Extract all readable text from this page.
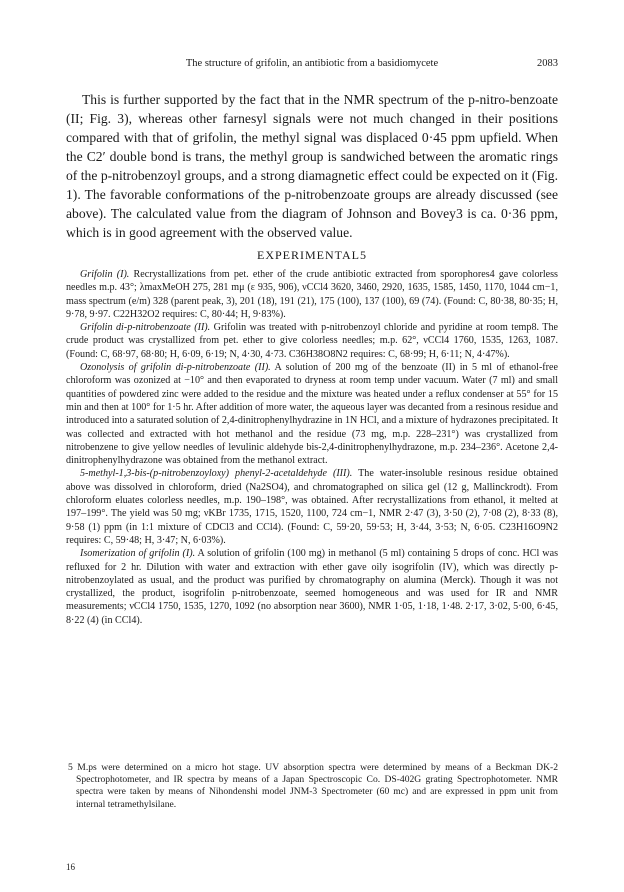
The structure of grifolin, an antibiotic from a basidiomycete	2083

This is further supported by the fact that in the NMR spectrum of the p-nitro-benzoate (II; Fig. 3), whereas other farnesyl signals were not much changed in their positions compared with that of grifolin, the methyl signal was displaced 0·45 ppm upfield. When the C2′ double bond is trans, the methyl group is sandwiched between the aromatic rings of the p-nitrobenzoyl groups, and a strong diamagnetic effect could be expected on it (Fig. 1). The favorable conformations of the p-nitrobenzoate groups are already discussed (see above). The calculated value from the diagram of Johnson and Bovey3 is ca. 0·36 ppm, which is in good agreement with the observed value.

EXPERIMENTAL5

Grifolin (I). Recrystallizations from pet. ether of the crude antibiotic extracted from sporophores4 gave colorless needles m.p. 43°; λmaxMeOH 275, 281 mμ (ε 935, 906), νCCl4 3620, 3460, 2920, 1635, 1585, 1450, 1170, 1044 cm−1, mass spectrum (e/m) 328 (parent peak, 3), 201 (18), 191 (21), 175 (100), 137 (100), 69 (74). (Found: C, 80·38, 80·35; H, 9·78, 9·97. C22H32O2 requires: C, 80·44; H, 9·83%).

Grifolin di-p-nitrobenzoate (II). Grifolin was treated with p-nitrobenzoyl chloride and pyridine at room temp8. The crude product was crystallized from pet. ether to give colorless needles; m.p. 62°, νCCl4 1760, 1535, 1263, 1087. (Found: C, 68·97, 68·80; H, 6·09, 6·19; N, 4·30, 4·73. C36H38O8N2 requires: C, 68·99; H, 6·11; N, 4·47%).

Ozonolysis of grifolin di-p-nitrobenzoate (II). A solution of 200 mg of the benzoate (II) in 5 ml of ethanol-free chloroform was ozonized at −10° and then evaporated to dryness at room temp under vacuum. Water (7 ml) and small quantities of powdered zinc were added to the residue and the mixture was heated under a reflux condenser at 55° for 15 min and then at 100° for 1·5 hr. After addition of more water, the aqueous layer was decanted from a resinous residue and introduced into a saturated solution of 2,4-dinitrophenylhydrazine in 1N HCl, and a mixture of hydrazones precipitated. It was collected and extracted with hot methanol and the residue (73 mg, m.p. 228–231°) was crystallized from nitrobenzene to give yellow needles of levulinic aldehyde bis-2,4-dinitrophenylhydrazone, m.p. 234–236°. Acetone 2,4-dinitrophenylhydrazone was obtained from the methanol extract.

5-methyl-1,3-bis-(p-nitrobenzoyloxy) phenyl-2-acetaldehyde (III). The water-insoluble resinous residue obtained above was dissolved in chloroform, dried (Na2SO4), and chromatographed on silica gel (12 g, Mallinckrodt). From chloroform eluates colorless needles, m.p. 190–198°, was obtained. After recrystallizations from ethanol, it melted at 197–199°. The yield was 50 mg; νKBr 1735, 1715, 1520, 1100, 724 cm−1, NMR 2·47 (3), 3·50 (2), 7·08 (2), 8·33 (8), 9·58 (1) ppm (in 1:1 mixture of CDCl3 and CCl4). (Found: C, 59·20, 59·53; H, 3·44, 3·53; N, 6·05. C23H16O9N2 requires: C, 59·48; H, 3·47; N, 6·03%).

Isomerization of grifolin (I). A solution of grifolin (100 mg) in methanol (5 ml) containing 5 drops of conc. HCl was refluxed for 2 hr. Dilution with water and extraction with ether gave oily isogrifolin (IV), which was directly p-nitrobenzoylated as usual, and the product was purified by chromatography on alumina (Merck). Though it was not crystallized, the product, isogrifolin p-nitrobenzoate, seemed homogeneous and was used for IR and NMR measurements; νCCl4 1750, 1535, 1270, 1092 (no absorption near 3600), NMR 1·05, 1·18, 1·48. 2·17, 3·02, 5·00, 6·45, 8·22 (4) (in CCl4).

5 M.ps were determined on a micro hot stage. UV absorption spectra were determined by means of a Beckman DK-2 Spectrophotometer, and IR spectra by means of a Japan Spectroscopic Co. DS-402G grating Spectrophotometer. NMR spectra were taken by means of Nihondenshi model JNM-3 Spectrometer (60 mc) and are expressed in ppm unit from internal tetramethylsilane.

16
